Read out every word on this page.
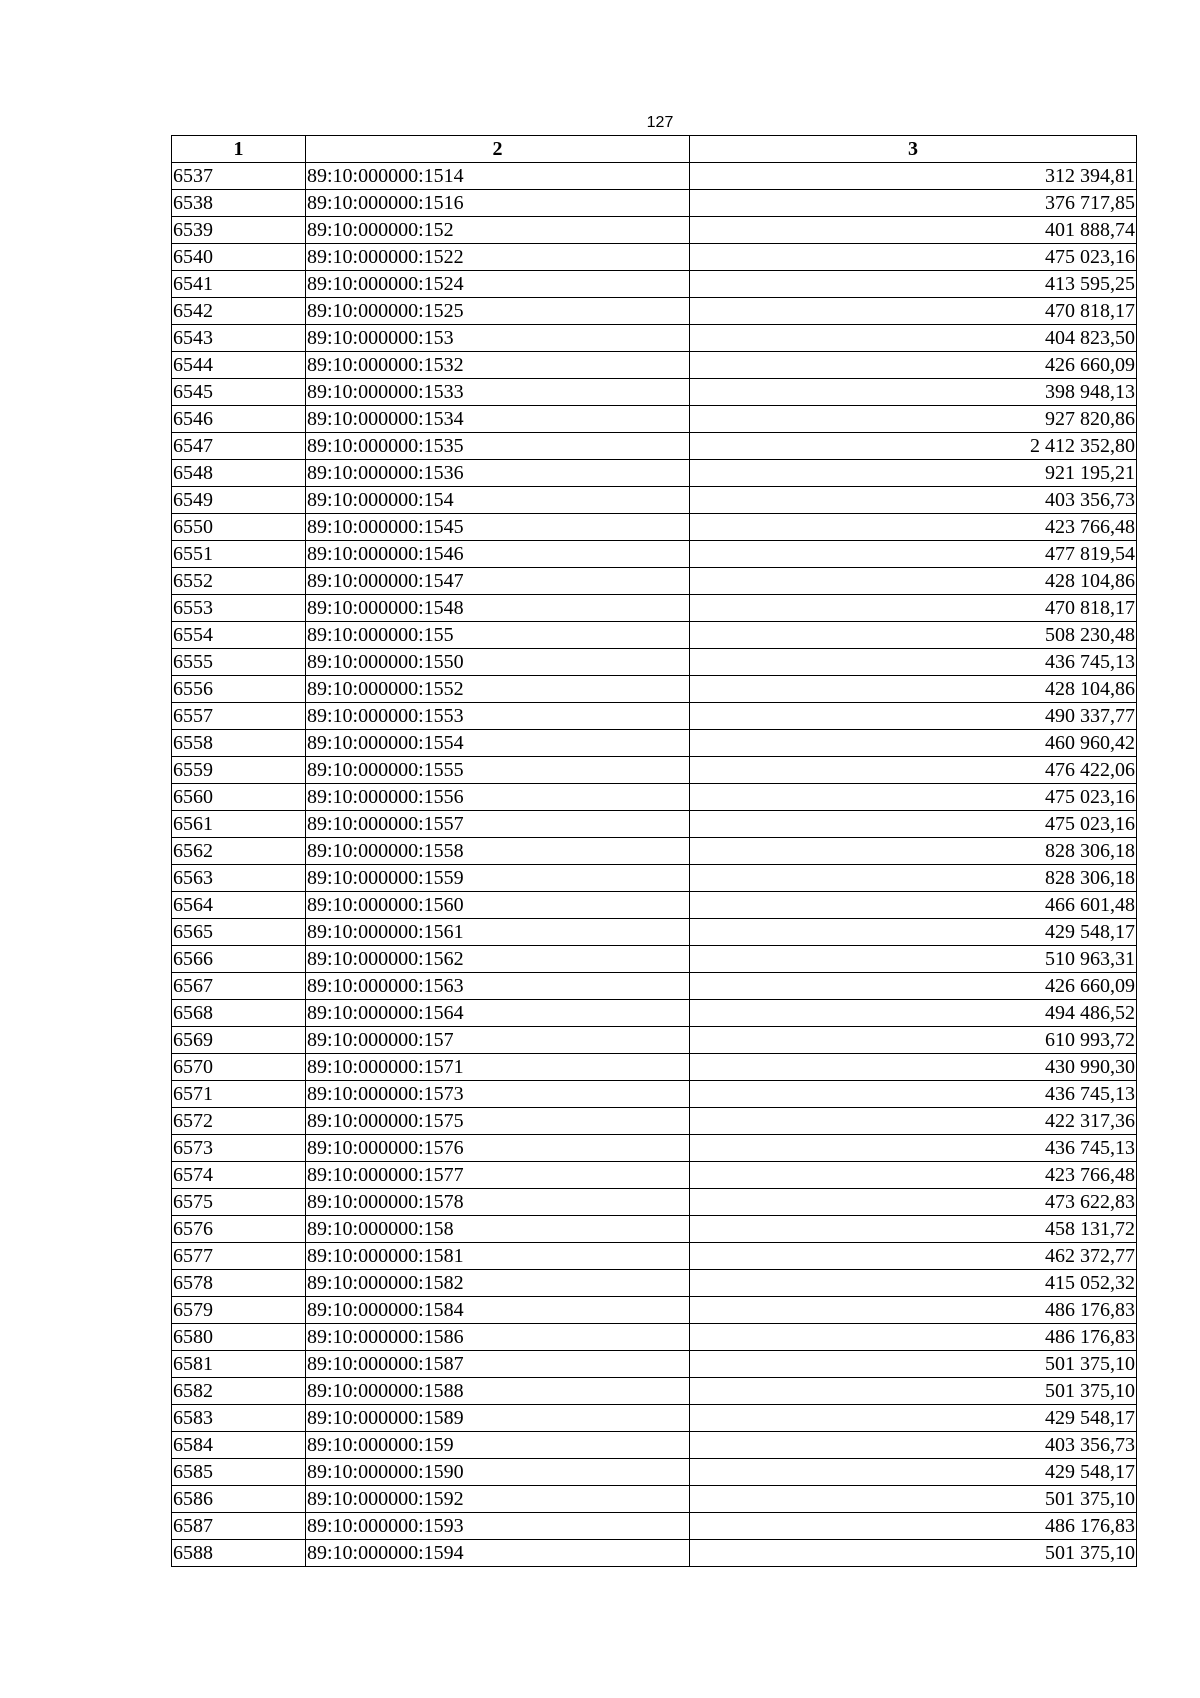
127
1	2	3
6537	89:10:000000:1514	312 394,81
6538	89:10:000000:1516	376 717,85
6539	89:10:000000:152	401 888,74
6540	89:10:000000:1522	475 023,16
6541	89:10:000000:1524	413 595,25
6542	89:10:000000:1525	470 818,17
6543	89:10:000000:153	404 823,50
6544	89:10:000000:1532	426 660,09
6545	89:10:000000:1533	398 948,13
6546	89:10:000000:1534	927 820,86
6547	89:10:000000:1535	2 412 352,80
6548	89:10:000000:1536	921 195,21
6549	89:10:000000:154	403 356,73
6550	89:10:000000:1545	423 766,48
6551	89:10:000000:1546	477 819,54
6552	89:10:000000:1547	428 104,86
6553	89:10:000000:1548	470 818,17
6554	89:10:000000:155	508 230,48
6555	89:10:000000:1550	436 745,13
6556	89:10:000000:1552	428 104,86
6557	89:10:000000:1553	490 337,77
6558	89:10:000000:1554	460 960,42
6559	89:10:000000:1555	476 422,06
6560	89:10:000000:1556	475 023,16
6561	89:10:000000:1557	475 023,16
6562	89:10:000000:1558	828 306,18
6563	89:10:000000:1559	828 306,18
6564	89:10:000000:1560	466 601,48
6565	89:10:000000:1561	429 548,17
6566	89:10:000000:1562	510 963,31
6567	89:10:000000:1563	426 660,09
6568	89:10:000000:1564	494 486,52
6569	89:10:000000:157	610 993,72
6570	89:10:000000:1571	430 990,30
6571	89:10:000000:1573	436 745,13
6572	89:10:000000:1575	422 317,36
6573	89:10:000000:1576	436 745,13
6574	89:10:000000:1577	423 766,48
6575	89:10:000000:1578	473 622,83
6576	89:10:000000:158	458 131,72
6577	89:10:000000:1581	462 372,77
6578	89:10:000000:1582	415 052,32
6579	89:10:000000:1584	486 176,83
6580	89:10:000000:1586	486 176,83
6581	89:10:000000:1587	501 375,10
6582	89:10:000000:1588	501 375,10
6583	89:10:000000:1589	429 548,17
6584	89:10:000000:159	403 356,73
6585	89:10:000000:1590	429 548,17
6586	89:10:000000:1592	501 375,10
6587	89:10:000000:1593	486 176,83
6588	89:10:000000:1594	501 375,10
